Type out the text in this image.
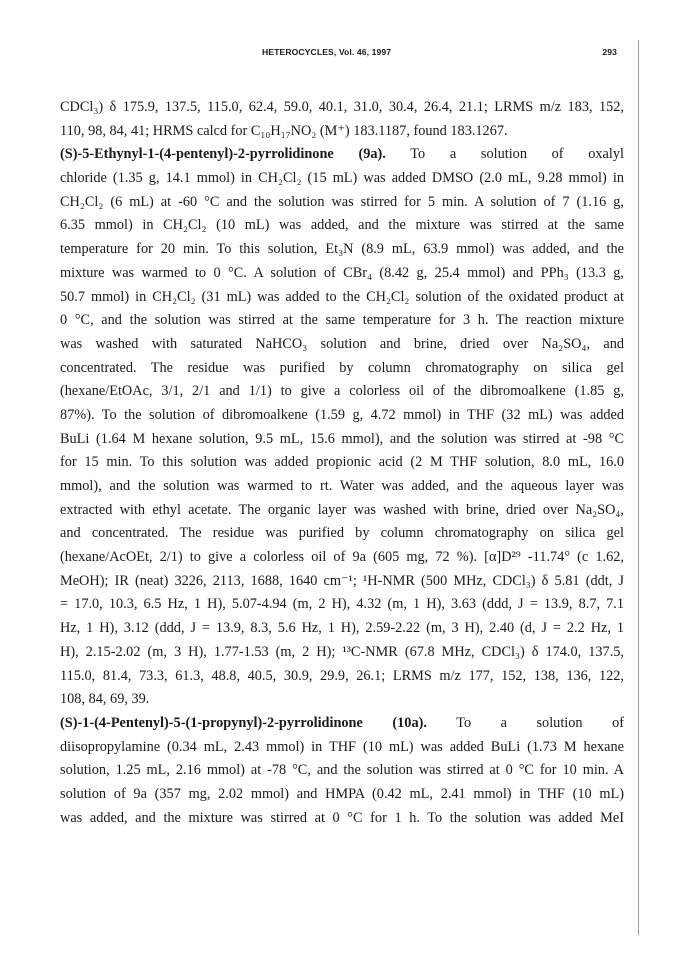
HETEROCYCLES, Vol. 46, 1997	293
CDCl₃) δ 175.9, 137.5, 115.0, 62.4, 59.0, 40.1, 31.0, 30.4, 26.4, 21.1; LRMS m/z 183, 152,
110, 98, 84, 41; HRMS calcd for C₁₀H₁₇NO₂ (M⁺) 183.1187, found 183.1267.
(S)-5-Ethynyl-1-(4-pentenyl)-2-pyrrolidinone (9a). To a solution of oxalyl
chloride (1.35 g, 14.1 mmol) in CH₂Cl₂ (15 mL) was added DMSO (2.0 mL, 9.28 mmol) in
CH₂Cl₂ (6 mL) at -60 °C and the solution was stirred for 5 min. A solution of 7 (1.16 g,
6.35 mmol) in CH₂Cl₂ (10 mL) was added, and the mixture was stirred at the same
temperature for 20 min. To this solution, Et₃N (8.9 mL, 63.9 mmol) was added, and the
mixture was warmed to 0 °C. A solution of CBr₄ (8.42 g, 25.4 mmol) and PPh₃ (13.3 g,
50.7 mmol) in CH₂Cl₂ (31 mL) was added to the CH₂Cl₂ solution of the oxidated product at
0 °C, and the solution was stirred at the same temperature for 3 h. The reaction mixture
was washed with saturated NaHCO₃ solution and brine, dried over Na₂SO₄, and
concentrated. The residue was purified by column chromatography on silica gel
(hexane/EtOAc, 3/1, 2/1 and 1/1) to give a colorless oil of the dibromoalkene (1.85 g,
87%). To the solution of dibromoalkene (1.59 g, 4.72 mmol) in THF (32 mL) was added
BuLi (1.64 M hexane solution, 9.5 mL, 15.6 mmol), and the solution was stirred at -98 °C
for 15 min. To this solution was added propionic acid (2 M THF solution, 8.0 mL, 16.0
mmol), and the solution was warmed to rt. Water was added, and the aqueous layer was
extracted with ethyl acetate. The organic layer was washed with brine, dried over Na₂SO₄,
and concentrated. The residue was purified by column chromatography on silica gel
(hexane/AcOEt, 2/1) to give a colorless oil of 9a (605 mg, 72 %). [α]D²⁹ -11.74° (c 1.62,
MeOH); IR (neat) 3226, 2113, 1688, 1640 cm⁻¹; ¹H-NMR (500 MHz, CDCl₃) δ 5.81 (ddt, J
= 17.0, 10.3, 6.5 Hz, 1 H), 5.07-4.94 (m, 2 H), 4.32 (m, 1 H), 3.63 (ddd, J = 13.9, 8.7, 7.1
Hz, 1 H), 3.12 (ddd, J = 13.9, 8.3, 5.6 Hz, 1 H), 2.59-2.22 (m, 3 H), 2.40 (d, J = 2.2 Hz, 1
H), 2.15-2.02 (m, 3 H), 1.77-1.53 (m, 2 H); ¹³C-NMR (67.8 MHz, CDCl₃) δ 174.0, 137.5,
115.0, 81.4, 73.3, 61.3, 48.8, 40.5, 30.9, 29.9, 26.1; LRMS m/z 177, 152, 138, 136, 122,
108, 84, 69, 39.
(S)-1-(4-Pentenyl)-5-(1-propynyl)-2-pyrrolidinone (10a). To a solution of
diisopropylamine (0.34 mL, 2.43 mmol) in THF (10 mL) was added BuLi (1.73 M hexane
solution, 1.25 mL, 2.16 mmol) at -78 °C, and the solution was stirred at 0 °C for 10 min. A
solution of 9a (357 mg, 2.02 mmol) and HMPA (0.42 mL, 2.41 mmol) in THF (10 mL)
was added, and the mixture was stirred at 0 °C for 1 h. To the solution was added MeI
